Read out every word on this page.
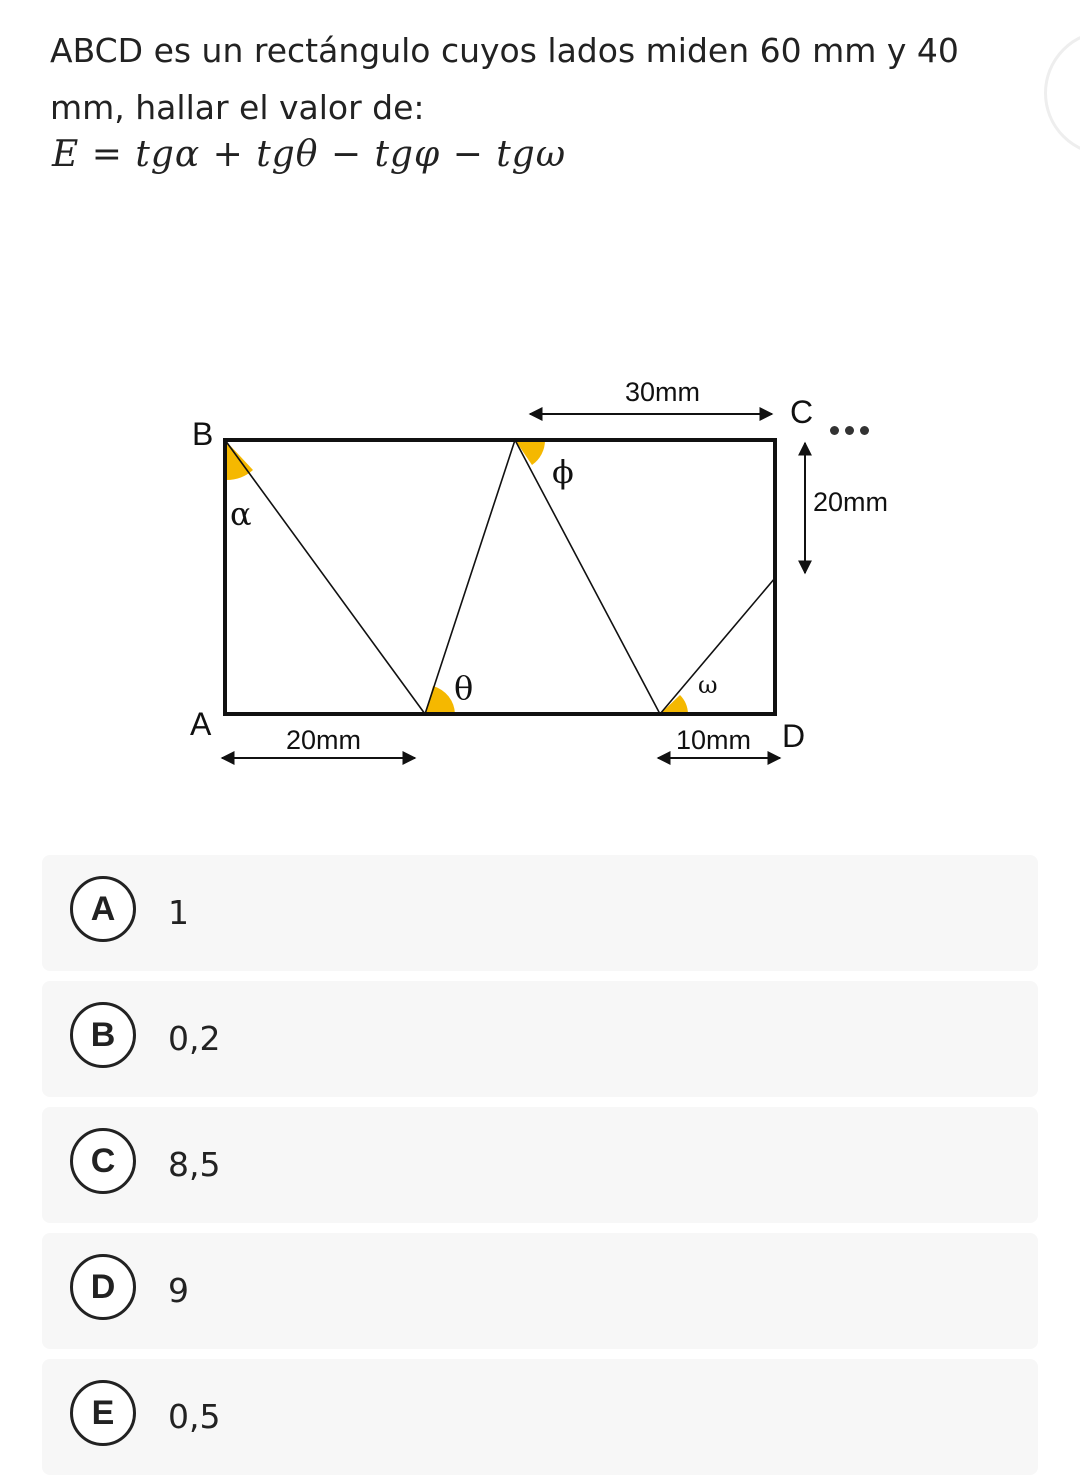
ABCD es un rectángulo cuyos lados miden 60 mm y 40 mm, hallar el valor de:
E = tgα + tgθ − tgφ − tgω
B
C
A	D
α
ϕ
θ	ω
30mm
20mm
20mm	10mm
A	1
B	0,2
C	8,5
D	9
E	0,5
